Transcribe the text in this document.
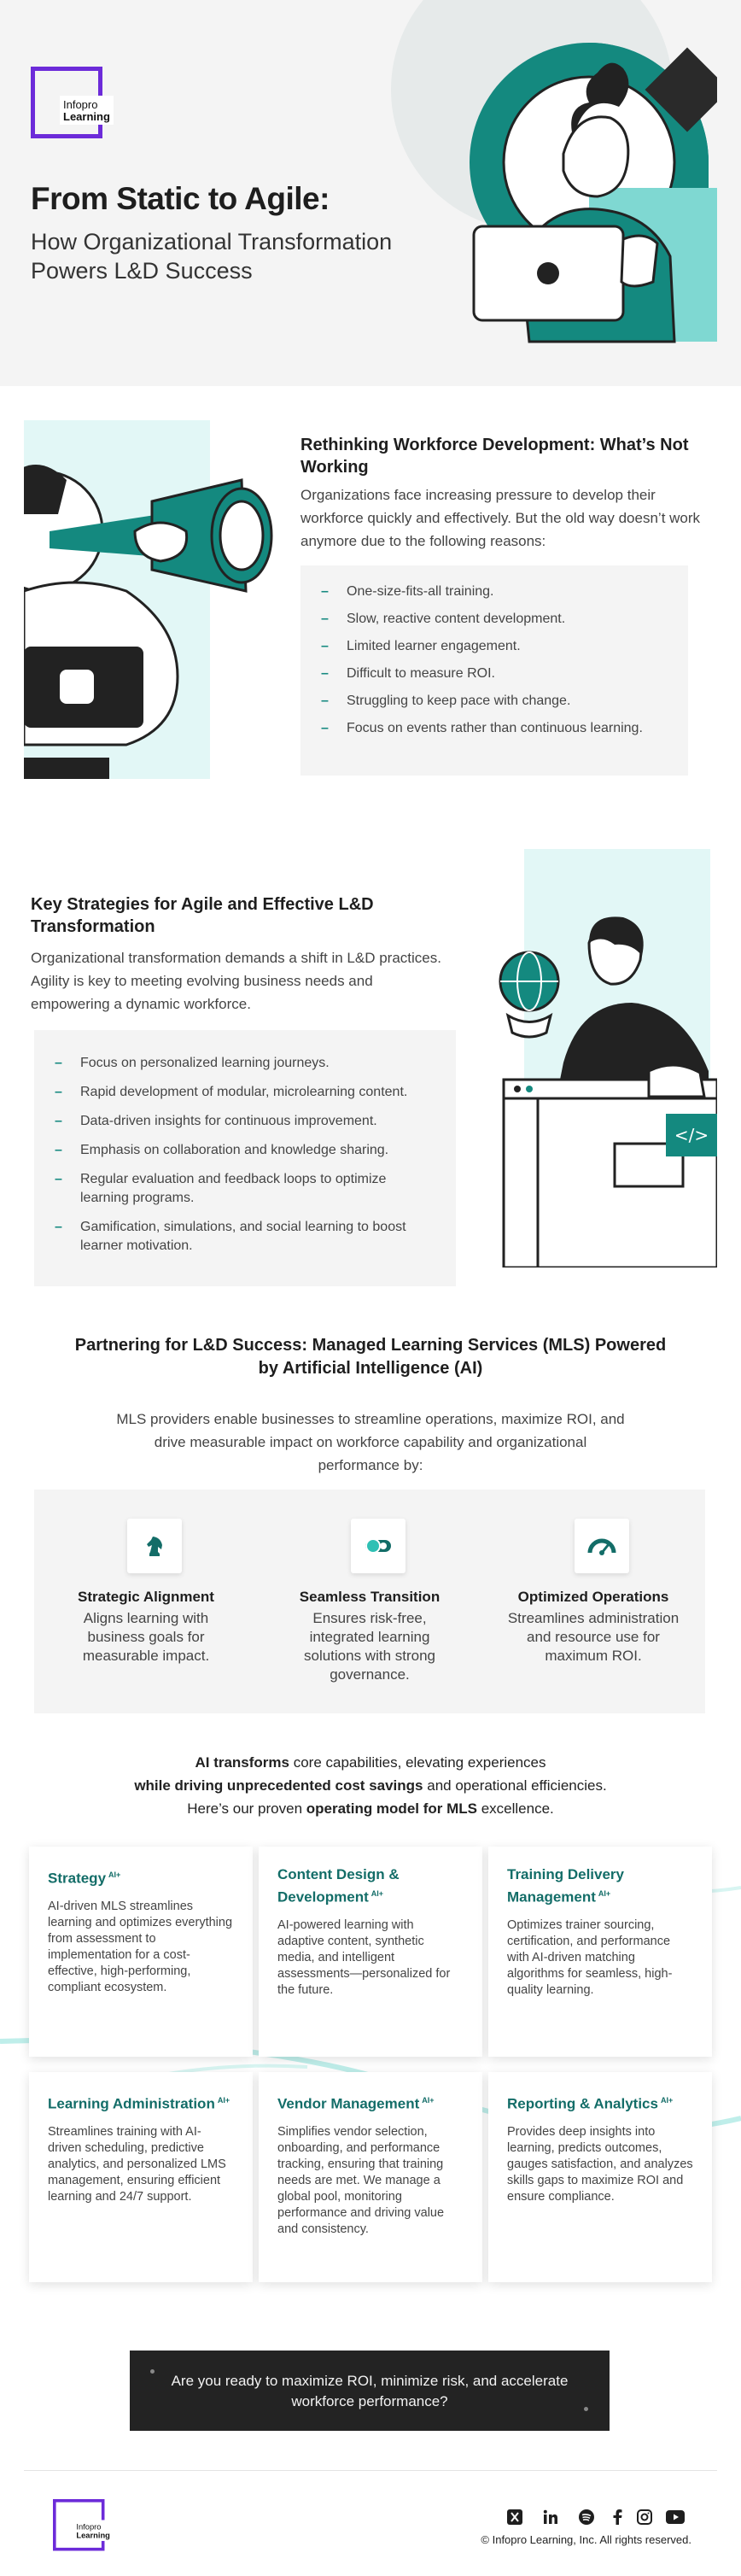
Infopro
Learning
From Static to Agile:
How Organizational Transformation Powers L&D Success
Rethinking Workforce Development: What’s Not Working
Organizations face increasing pressure to develop their workforce quickly and effectively. But the old way doesn’t work anymore due to the following reasons:
– One-size-fits-all training.
– Slow, reactive content development.
– Limited learner engagement.
– Difficult to measure ROI.
– Struggling to keep pace with change.
– Focus on events rather than continuous learning.
Key Strategies for Agile and Effective L&D Transformation
Organizational transformation demands a shift in L&D practices. Agility is key to meeting evolving business needs and empowering a dynamic workforce.
– Focus on personalized learning journeys.
– Rapid development of modular, microlearning content.
– Data-driven insights for continuous improvement.
– Emphasis on collaboration and knowledge sharing.
– Regular evaluation and feedback loops to optimize learning programs.
– Gamification, simulations, and social learning to boost learner motivation.
</>
Partnering for L&D Success: Managed Learning Services (MLS) Powered by Artificial Intelligence (AI)
MLS providers enable businesses to streamline operations, maximize ROI, and drive measurable impact on workforce capability and organizational performance by:
Strategic Alignment
Aligns learning with business goals for measurable impact.
Seamless Transition
Ensures risk-free, integrated learning solutions with strong governance.
Optimized Operations
Streamlines administration and resource use for maximum ROI.
AI transforms core capabilities, elevating experiences
while driving unprecedented cost savings and operational efficiencies.
Here’s our proven operating model for MLS excellence.
Strategy $^{AI+}$
AI-driven MLS streamlines learning and optimizes everything from assessment to implementation for a cost-effective, high-performing, compliant ecosystem.
Content Design & Development $^{AI+}$
AI-powered learning with adaptive content, synthetic media, and intelligent assessments—personalized for the future.
Training Delivery Management $^{AI+}$
Optimizes trainer sourcing, certification, and performance with AI-driven matching algorithms for seamless, high-quality learning.
Learning Administration $^{AI+}$
Streamlines training with AI-driven scheduling, predictive analytics, and personalized LMS management, ensuring efficient learning and 24/7 support.
Vendor Management $^{AI+}$
Simplifies vendor selection, onboarding, and performance tracking, ensuring that training needs are met. We manage a global pool, monitoring performance and driving value and consistency.
Reporting & Analytics $^{AI+}$
Provides deep insights into learning, predicts outcomes, gauges satisfaction, and analyzes skills gaps to maximize ROI and ensure compliance.
Are you ready to maximize ROI, minimize risk, and accelerate workforce performance?
Infopro
Learning	© Infopro Learning, Inc. All rights reserved.
